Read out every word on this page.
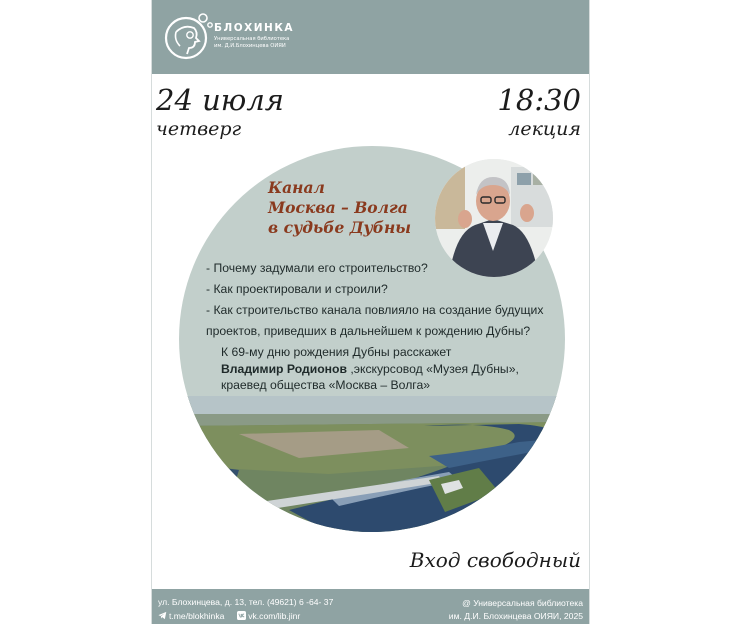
БЛОХИНКА
Универсальная библиотека
им. Д.И.Блохинцева ОИЯИ
24 июля
четверг
18:30
лекция
Канал
Москва – Волга
в судьбе Дубны
- Почему задумали его строительство?
- Как проектировали и строили?
- Как строительство канала повлияло на создание будущих
проектов, приведших в дальнейшем к рождению Дубны?
К 69-му дню рождения Дубны расскажет
Владимир Родионов ,экскурсовод «Музея Дубны»,
краевед общества «Москва – Волга»
Вход свободный
ул. Блохинцева, д. 13, тел. (49621) 6 -64- 37
t.me/blokhinka	vk.com/lib.jinr
@ Универсальная библиотека
им. Д.И. Блохинцева ОИЯИ, 2025
